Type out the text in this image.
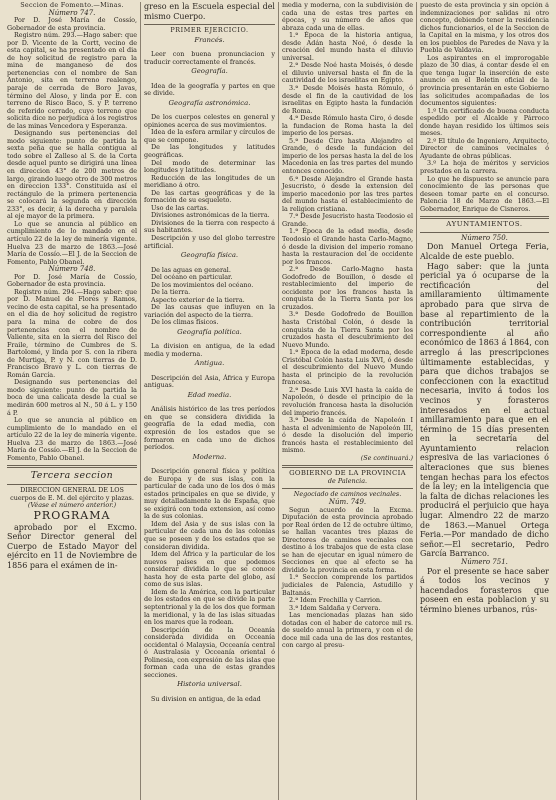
Seccion de Fomento.—Minas.

Número 747.

Por D. José María de Cossío, Gobernador de esta provincia.

Registro núm. 293.—Hago saber: que por D. Vicente de la Cortt, vecino de esta capital, se ha presentado en el dia de hoy solicitud de registro para la mina de manganeso de dos pertenencias con el nombre de San Antonio, sita en terreno realengo, paraje de cerrada de Boro Javas, término del Aloso, y linda por E. con terreno de Risco Baco, S. y P. terreno de referido cerrado, cuyo terreno que solicita dice no perjudica á los registros de las minas Vencedora y Esperanza.

Designando sus pertenencias del modo siguiente: punto de partida la sexta peña que se halla contigua al todo sobre el Zalleso al S. de la Corta desde aquel punto se dirigirá una línea en direccion 43° de 200 metros de largo, girando luego otro de 300 metros en direccion 133°. Constituida así el rectángulo de la primera pertenencia se colocará la segunda en dirección 233°, es decir, á la derecha y paralela al eje mayor de la primera.

Lo que se anuncia al público en cumplimiento de lo mandado en el artículo 22 de la ley de minería vigente. Huelva 23 de marzo de 1863.—José María de Cossío.—El J. de la Seccion de Fomento, Pablo Obanel.

Número 748.

Por D. José María de Cossío, Gobernador de esta provincia.

Registro núm. 294.—Hago saber: que por D. Manuel de Flores y Ramos, vecino de esta capital, se ha presentado en el dia de hoy solicitud de registro para la mina de cobre de dos pertenencias con el nombre de Valiente, sita en la sierra del Risco del Fraile, término de Cumbres de S. Bartolomé, y linda por S. con la ribera de Murtiga, P. y N. con tierras de D. Francisco Bravo y L. con tierras de Román García.

Designando sus pertenencias del modo siguiente: punto de partida la boca de una calicata desde la cual se medirán 600 metros al N., 50 á L. y 150 á P.

Lo que se anuncia al público en cumplimiento de lo mandado en el artículo 22 de la ley de minería vigente. Huelva 23 de marzo de 1863.—José María de Cossío.—El J. de la Seccion de Fomento, Pablo Obanel.

Tercera seccion

DIRECCION GENERAL DE LOS cuerpos de E. M. del ejército y plazas.

(Véase el número anterior.)

PROGRAMA

aprobado por el Excmo. Señor Director general del Cuerpo de Estado Mayor del ejército en 11 de Noviembre de 1856 para el exámen de in-

greso en la Escuela especial del mismo Cuerpo.

PRIMER EJERCICIO.

Francés.

Leer con buena pronunciacion y traducir correctamente el francés.

Geografía.

Idea de la geografía y partes en que se divide.

Geografía astronómica.

De los cuerpos celestes en general y opiniones acerca de sus movimientos.

Idea de la esfera armilar y círculos de que se compone.

De las longitudes y latitudes geográficas.

Del modo de determinar las longitudes y latitudes.

Reducción de las longitudes de un meridiano á otro.

De las cartas geográficas y de la formación de su esqueleto.

Uso de las cartas.

Divisiones astronómicas de la tierra.

Divisiones de la tierra con respecto á sus habitantes.

Descripción y uso del globo terrestre artificial.

Geografía física.

De las aguas en general.

Del océano en particular.

De los movimientos del océano.

De la tierra.

Aspecto exterior de la tierra.

De las causas que influyen en la variación del aspecto de la tierra.

De los climas físicos.

Geografía política.

La division en antigua, de la edad media y moderna.

Antigua.

Descripción del Asia, África y Europa antiguas.

Edad media.

Análisis histórico de las tres períodos en que se considera dividida la geografía de la edad media, con expresión de los estados que se formaron en cada uno de dichos períodos.

Moderna.

Descripción general física y política de Europa y de sus islas, con la particular de cada uno de los dos ó más estados principales en que se divide, y muy detalladamente la de España, que se exigirá con toda extension, así como la de sus colonias.

Idem del Asia y de sus islas con la particular de cada una de las colonias que se poseen y de los estados que se consideran dividida.

Idem del África y la particular de los nuevos países en que podemos considerar dividida lo que se conoce hasta hoy de esta parte del globo, así como de sus islas.

Idem de la América, con la particular de los estados en que se divide la parte septentrional y la de los dos que forman la meridional, y la de las islas situadas en los mares que la rodean.

Descripción de la Oceanía considerada dividida en Occeanía occidental ó Malaysia, Occeanía central ó Australasia y Occeanía oriental ó Polinesia, con expresión de las islas que forman cada una de estas grandes secciones.

Historia universal.

Su division en antigua, de la edad

media y moderna, con la subdivisión de cada una de estas tres partes en épocas, y su número de años que abraza cada una de ellas.

1.ª Época de la historia antigua, desde Adán hasta Noé, ó desde la creación del mundo hasta el diluvio universal.

2.ª Desde Noé hasta Moisés, ó desde el diluvio universal hasta el fin de la cautividad de los israelitas en Egipto.

3.ª Desde Moisés hasta Rómulo, ó desde el fin de la cautividad de los israelitas en Egipto hasta la fundación de Roma.

4.ª Desde Rómulo hasta Ciro, ó desde la fundacion de Roma hasta la del imperio de los persas.

5.ª Desde Ciro hasta Alejandro el Grande, ó desde la fundacion del imperio de los persas hasta la del de los Macedonia en las tres partes del mundo entonces conocido.

6.ª Desde Alejandro el Grande hasta Jesucristo, ó desde la extension del imperio macedonio por las tres partes del mundo hasta el establecimiento de la religion cristiana.

7.ª Desde Jesucristo hasta Teodosio el Grande.

1.ª Época de la edad media, desde Teodosio el Grande hasta Carlo-Magno, ó desde la division del imperio romano hasta la restauracion del de occidente por los francos.

2.ª Desde Carlo-Magno hasta Godofredo de Bouillon, ó desde el restablecimiento del imperio de occidente por los francos hasta la conquista de la Tierra Santa por los cruzados.

3.ª Desde Godofredo de Bouillon hasta Cristóbal Colón, ó desde la conquista de la Tierra Santa por los cruzados hasta el descubrimiento del Nuevo Mundo.

1.ª Época de la edad moderna, desde Cristóbal Colón hasta Luis XVI, ó desde el descubrimiento del Nuevo Mundo hasta el principio de la revolución francesa.

2.ª Desde Luis XVI hasta la caída de Napoleón, ó desde el principio de la revolución francesa hasta la disolución del imperio francés.

3.ª Desde la caída de Napoleón I hasta el advenimiento de Napoleón III, ó desde la disolución del imperio francés hasta el restablecimiento del mismo.

(Se continuará.)

GOBIERNO DE LA PROVINCIA

de Palencia.

Negociado de caminos vecinales.

Núm. 749.

Segun acuerdo de la Excma. Diputación de esta provincia aprobado por Real órden de 12 de octubre último, se hallan vacantes tres plazas de Directores de caminos vecinales con destino á los trabajos que de esta clase se han de ejecutar en igual número de Secciones en que al efecto se ha dividido la provincia en esta forma.

1.ª Seccion comprende los partidos judiciales de Palencia, Astudillo y Baltanás.

2.ª Idem Frechilla y Carrion.

3.ª Idem Saldaña y Cervera.

Las mencionadas plazas han sido dotadas con el haber de catorce mil rs. de sueldo anual la primera, y con el de doce mil cada una de las dos restantes, con cargo al presu-

puesto de esta provincia y sin opción á indemnizaciones por salidas ni otro concepto, debiendo tener la residencia dichos funcionarios, el de la Seccion de la Capital en la misma, y los otros dos en los pueblos de Paredes de Nava y la Puebla de Valdavia.

Los aspirantes en el improrogable plazo de 30 dias, á contar desde el en que tenga lugar la inserción de este anuncio en el Boletin oficial de la provincia presentarán en este Gobierno las solicitudes acompañadas de los documentos siguientes:

1.º Un certificado de buena conducta espedido por el Alcalde y Párroco donde hayan residido los últimos seis meses.

2.º El título de Ingeniero, Arquitecto, Director de caminos vecinales ó Ayudante de obras públicas.

3.º La hoja de méritos y servicios prestados en la carrera.

Lo que he dispuesto se anuncie para conocimiento de las personas que deseen tomar parte en el concurso. Palencia 18 de Marzo de 1863.—El Gobernador, Enrique de Cisneros.

AYUNTAMIENTOS.

Número 750.

Don Manuel Ortega Feria, Alcalde de este pueblo.

Hago saber: que la junta pericial ya ó ocuparse de la rectificación del amillaramiento últimamente aprobado para que sirva de base al repartimiento de la contribución territorial correspondiente al año económico de 1863 á 1864, con arreglo á las prescripciones últimamente establecidas, y para que dichos trabajos se confeccionen con la exactitud necesaria, invito á todos los vecinos y forasteros interesados en el actual amillaramiento para que en el término de 15 días presenten en la secretaría del Ayuntamiento relacion espresiva de las variaciones ó alteraciones que sus bienes tengan hechas para los efectos de la ley; en la inteligencia que la falta de dichas relaciones les producirá el perjuicio que haya lugar. Almendro 22 de marzo de 1863.—Manuel Ortega Feria.—Por mandado de dicho señor.—El secretario, Pedro García Barranco.

Número 751.

Por el presente se hace saber á todos los vecinos y hacendados forasteros que poseen en esta poblacion y su término bienes urbanos, rús-
